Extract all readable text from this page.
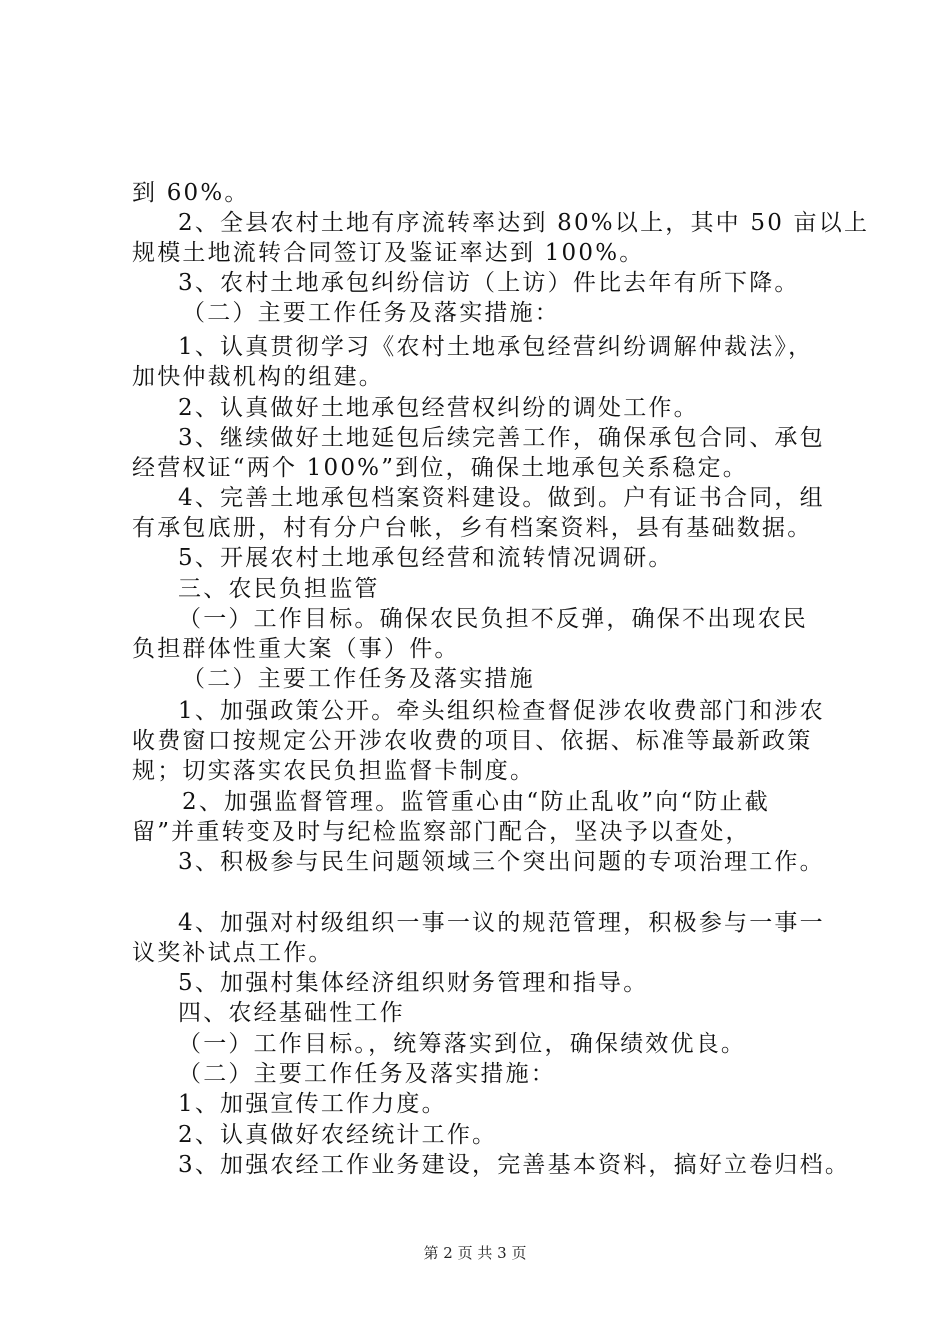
到 60%。
2、全县农村土地有序流转率达到 80%以上，其中 50 亩以上
规模土地流转合同签订及鉴证率达到 100%。
3、农村土地承包纠纷信访（上访）件比去年有所下降。
（二）主要工作任务及落实措施：
1、认真贯彻学习《农村土地承包经营纠纷调解仲裁法》，
加快仲裁机构的组建。
2、认真做好土地承包经营权纠纷的调处工作。
3、继续做好土地延包后续完善工作，确保承包合同、承包
经营权证“两个 100%”到位，确保土地承包关系稳定。
4、完善土地承包档案资料建设。做到。户有证书合同，组
有承包底册，村有分户台帐，乡有档案资料，县有基础数据。
5、开展农村土地承包经营和流转情况调研。
三、农民负担监管
（一）工作目标。确保农民负担不反弹，确保不出现农民
负担群体性重大案（事）件。
（二）主要工作任务及落实措施
1、加强政策公开。牵头组织检查督促涉农收费部门和涉农
收费窗口按规定公开涉农收费的项目、依据、标准等最新政策
规；切实落实农民负担监督卡制度。
2、加强监督管理。监管重心由“防止乱收”向“防止截
留”并重转变及时与纪检监察部门配合，坚决予以查处，
3、积极参与民生问题领域三个突出问题的专项治理工作。
4、加强对村级组织一事一议的规范管理，积极参与一事一
议奖补试点工作。
5、加强村集体经济组织财务管理和指导。
四、农经基础性工作
（一）工作目标。，统筹落实到位，确保绩效优良。
（二）主要工作任务及落实措施：
1、加强宣传工作力度。
2、认真做好农经统计工作。
3、加强农经工作业务建设，完善基本资料，搞好立卷归档。
第 2 页 共 3 页
